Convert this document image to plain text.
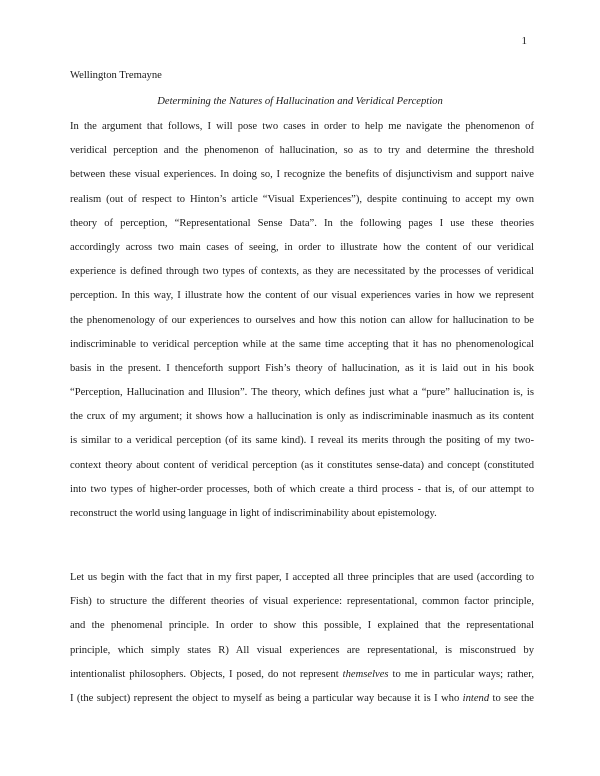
1
Wellington Tremayne
Determining the Natures of Hallucination and Veridical Perception
In the argument that follows, I will pose two cases in order to help me navigate the phenomenon of
veridical perception and the phenomenon of hallucination, so as to try and determine the threshold
between these visual experiences. In doing so, I recognize the benefits of disjunctivism and support naive
realism (out of respect to Hinton’s article “Visual Experiences”), despite continuing to accept my own
theory of perception, “Representational Sense Data”. In the following pages I use these theories
accordingly across two main cases of seeing, in order to illustrate how the content of our veridical
experience is defined through two types of contexts, as they are necessitated by the processes of veridical
perception. In this way, I illustrate how the content of our visual experiences varies in how we represent
the phenomenology of our experiences to ourselves and how this notion can allow for hallucination to be
indiscriminable to veridical perception while at the same time accepting that it has no phenomenological
basis in the present. I thenceforth support Fish’s theory of hallucination, as it is laid out in his book
“Perception, Hallucination and Illusion”. The theory, which defines just what a “pure” hallucination is, is
the crux of my argument; it shows how a hallucination is only as indiscriminable inasmuch as its content
is similar to a veridical perception (of its same kind). I reveal its merits through the positing of my two-
context theory about content of veridical perception (as it constitutes sense-data) and concept (constituted
into two types of higher-order processes, both of which create a third process - that is, of our attempt to
reconstruct the world using language in light of indiscriminability about epistemology.
Let us begin with the fact that in my first paper, I accepted all three principles that are used (according to
Fish) to structure the different theories of visual experience: representational, common factor principle,
and the phenomenal principle. In order to show this possible, I explained that the representational
principle, which simply states R) All visual experiences are representational, is misconstrued by
intentionalist philosophers. Objects, I posed, do not represent themselves to me in particular ways; rather,
I (the subject) represent the object to myself as being a particular way because it is I who intend to see the
